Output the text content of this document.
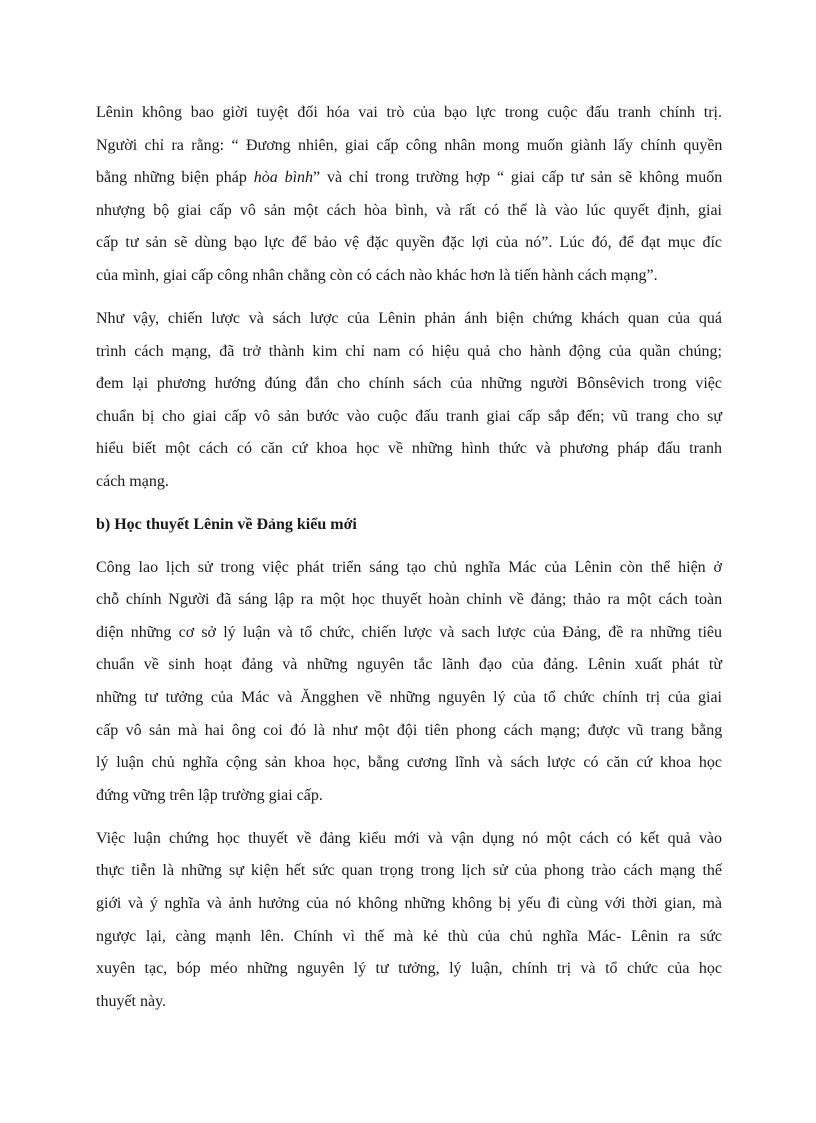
Lênin không bao giời tuyệt đối hóa vai trò của bạo lực trong cuộc đấu tranh chính trị.
Người chỉ ra rằng: “ Đương nhiên, giai cấp công nhân mong muốn giành lấy chính quyền
bằng những biện pháp hòa bình” và chỉ trong trường hợp “ giai cấp tư sản sẽ không muốn
nhượng bộ giai cấp vô sản một cách hòa bình, và rất có thể là vào lúc quyết định, giai
cấp tư sản sẽ dùng bạo lực để bảo vệ đặc quyền đặc lợi của nó”. Lúc đó, để đạt mục đíc
của mình, giai cấp công nhân chẳng còn có cách nào khác hơn là tiến hành cách mạng”.
Như vậy, chiến lược và sách lược của Lênin phản ánh biện chứng khách quan của quá
trình cách mạng, đã trở thành kim chỉ nam có hiệu quả cho hành động của quần chúng;
đem lại phương hướng đúng đắn cho chính sách của những người Bônsêvich trong việc
chuẩn bị cho giai cấp vô sản bước vào cuộc đấu tranh giai cấp sắp đến; vũ trang cho sự
hiểu biết một cách có căn cứ khoa học về những hình thức và phương pháp đấu tranh
cách mạng.
b) Học thuyết Lênin về Đảng kiểu mới
Công lao lịch sử trong việc phát triển sáng tạo chủ nghĩa Mác của Lênin còn thể hiện ở
chỗ chính Người đã sáng lập ra một học thuyết hoàn chỉnh về đảng; thảo ra một cách toàn
diện những cơ sở lý luận và tổ chức, chiến lược và sach lược của Đảng, đề ra những tiêu
chuẩn về sinh hoạt đảng và những nguyên tắc lãnh đạo của đảng. Lênin xuất phát từ
những tư tưởng của Mác và Ăngghen về những nguyên lý của tổ chức chính trị của giai
cấp vô sản mà hai ông coi đó là như một đội tiên phong cách mạng; được vũ trang bằng
lý luận chủ nghĩa cộng sản khoa học, bằng cương lĩnh và sách lược có căn cứ khoa học
đứng vững trên lập trường giai cấp.
Việc luận chứng học thuyết về đảng kiểu mới và vận dụng nó một cách có kết quả vào
thực tiễn là những sự kiện hết sức quan trọng trong lịch sử của phong trào cách mạng thế
giới và ý nghĩa và ảnh hưởng của nó không những không bị yếu đi cùng với thời gian, mà
ngược lại, càng mạnh lên. Chính vì thế mà kẻ thù của chủ nghĩa Mác- Lênin ra sức
xuyên tạc, bóp méo những nguyên lý tư tưởng, lý luận, chính trị và tổ chức của học
thuyết này.
